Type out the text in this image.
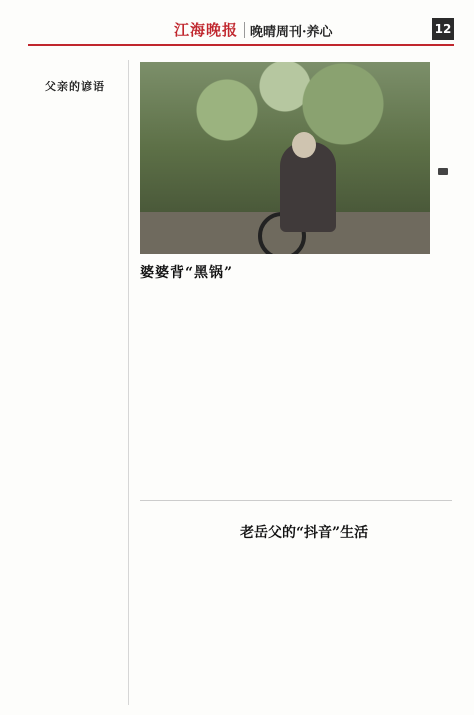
江海晚报 晚晴周刊·养心	12
父亲的谚语
婆婆背“黑锅”
老岳父的“抖音”生活
